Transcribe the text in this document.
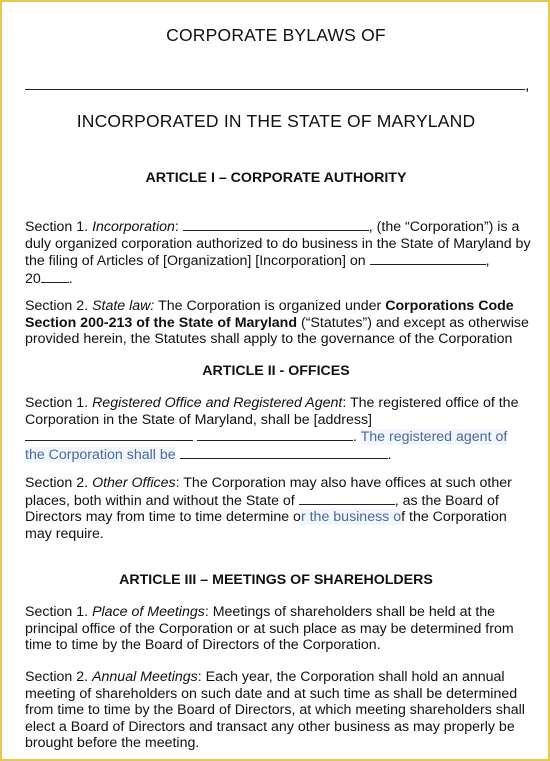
CORPORATE BYLAWS OF
,
INCORPORATED IN THE STATE OF MARYLAND
ARTICLE I – CORPORATE AUTHORITY
Section 1. Incorporation:	, (the “Corporation”) is a
duly organized corporation authorized to do business in the State of Maryland by
the filing of Articles of [Organization] [Incorporation] on	,
20 .
Section 2. State law: The Corporation is organized under Corporations Code
Section 200-213 of the State of Maryland (“Statutes”) and except as otherwise
provided herein, the Statutes shall apply to the governance of the Corporation
ARTICLE II - OFFICES
Section 1. Registered Office and Registered Agent: The registered office of the
Corporation in the State of Maryland, shall be [address]
. The registered agent of
the Corporation shall be	.
Section 2. Other Offices: The Corporation may also have offices at such other
places, both within and without the State of	, as the Board of
Directors may from time to time determine or the business of the Corporation
may require.
ARTICLE III – MEETINGS OF SHAREHOLDERS
Section 1. Place of Meetings: Meetings of shareholders shall be held at the
principal office of the Corporation or at such place as may be determined from
time to time by the Board of Directors of the Corporation.
Section 2. Annual Meetings: Each year, the Corporation shall hold an annual
meeting of shareholders on such date and at such time as shall be determined
from time to time by the Board of Directors, at which meeting shareholders shall
elect a Board of Directors and transact any other business as may properly be
brought before the meeting.
